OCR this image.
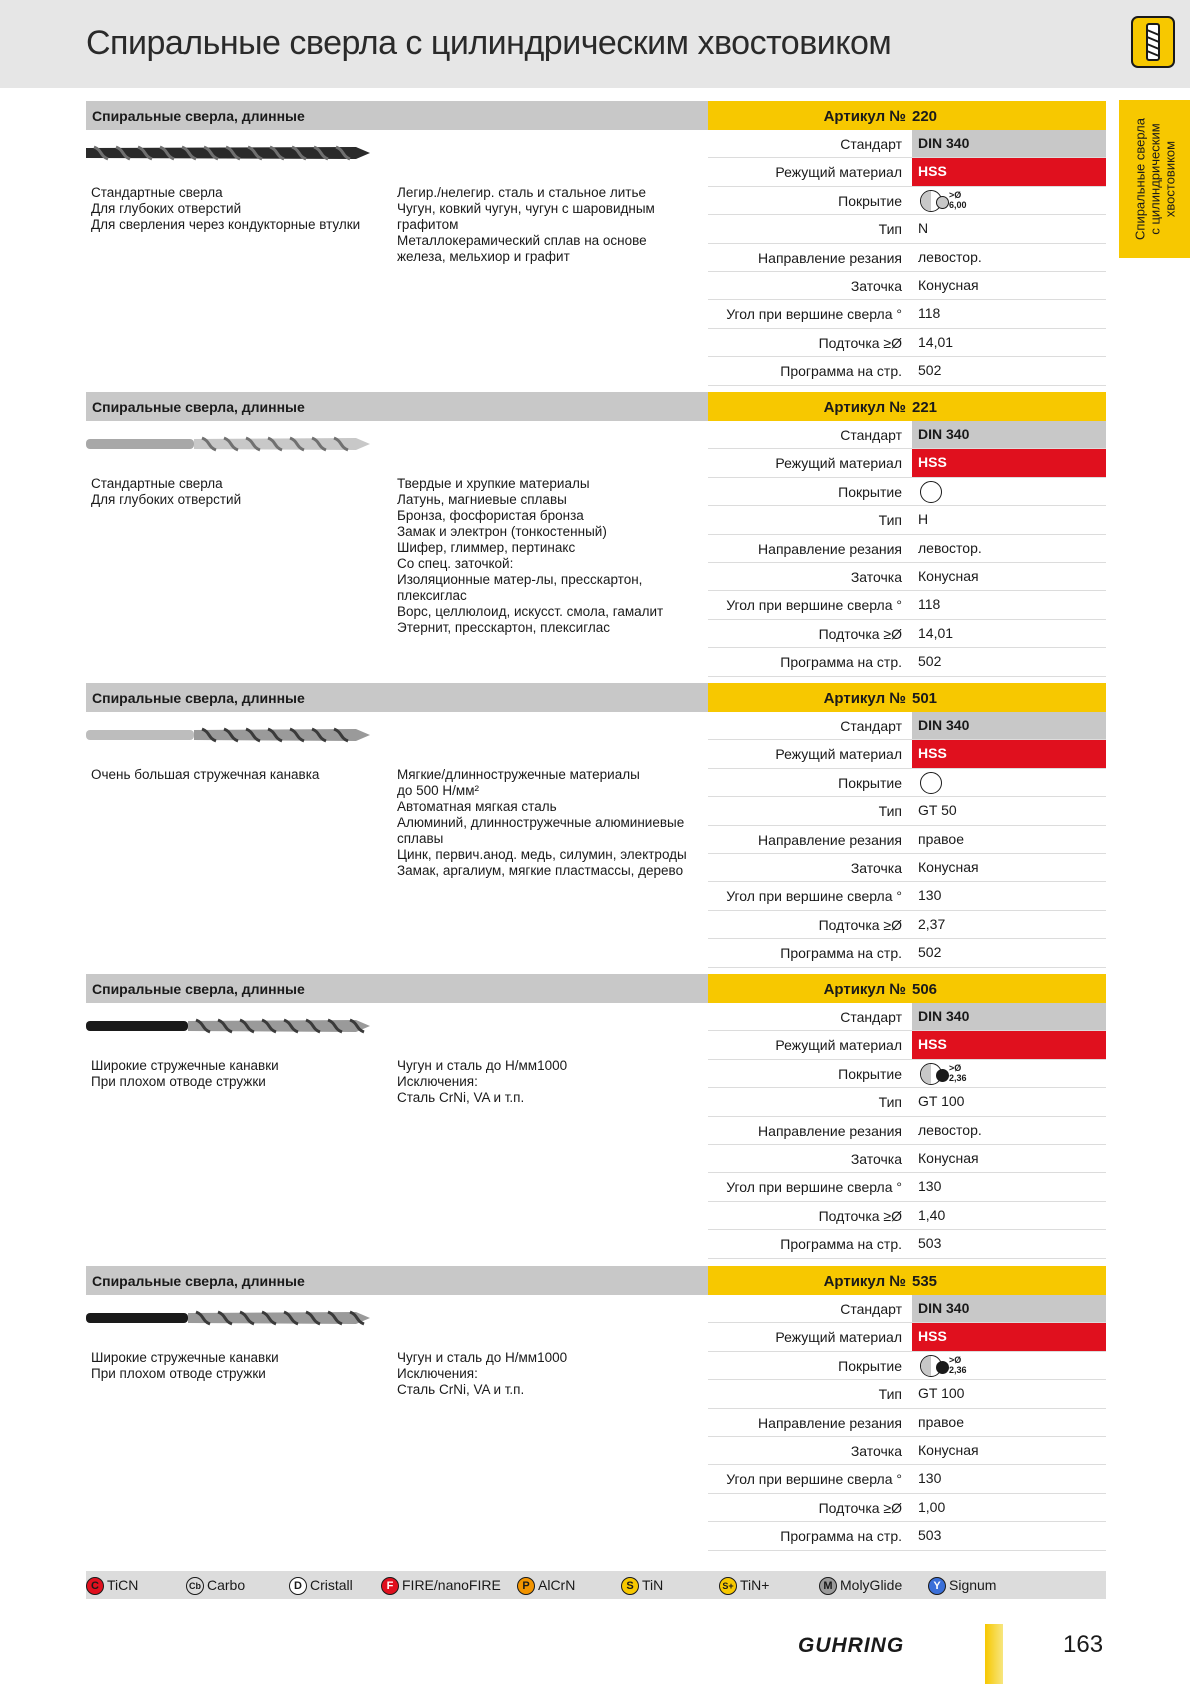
Спиральные сверла с цилиндрическим хвостовиком
Спиральные сверла с цилиндрическим хвостовиком
Спиральные сверла, длинные	Артикул № 220
Стандартные сверла
Для глубоких отверстий
Для сверления через кондукторные втулки
Легир./нелегир. сталь и стальное литье
Чугун, ковкий чугун, чугун с шаровидным
графитом
Металлокерамический сплав на основе
железа, мельхиор и графит
Стандарт	DIN 340
Режущий материал	HSS
Покрытие	>Ø
6,00
Тип	N
Направление резания	левостор.
Заточка	Конусная
Угол при вершине сверла °	118
Подточка ≥Ø	14,01
Программа на стр.	502
Спиральные сверла, длинные	Артикул № 221
Стандартные сверла
Для глубоких отверстий
Твердые и хрупкие материалы
Латунь, магниевые сплавы
Бронза, фосфористая бронза
Замак и электрон (тонкостенный)
Шифер, глиммер, пертинакс
Со спец. заточкой:
Изоляционные матер-лы, пресскартон,
плексиглас
Ворс, целлюлоид, искусст. смола, гамалит
Этернит, пресскартон, плексиглас
Стандарт	DIN 340
Режущий материал	HSS
Покрытие
Тип	H
Направление резания	левостор.
Заточка	Конусная
Угол при вершине сверла °	118
Подточка ≥Ø	14,01
Программа на стр.	502
Спиральные сверла, длинные	Артикул № 501
Очень большая стружечная канавка	Мягкие/длинностружечные материалы
до 500 Н/мм²
Автоматная мягкая сталь
Алюминий, длинностружечные алюминиевые
сплавы
Цинк, первич.анод. медь, силумин, электроды
Замак, аргалиум, мягкие пластмассы, дерево
Стандарт	DIN 340
Режущий материал	HSS
Покрытие
Тип	GT 50
Направление резания	правое
Заточка	Конусная
Угол при вершине сверла °	130
Подточка ≥Ø	2,37
Программа на стр.	502
Спиральные сверла, длинные	Артикул № 506
Широкие стружечные канавки
При плохом отводе стружки
Чугун и сталь до Н/мм1000
Исключения:
Сталь CrNi, VA и т.п.
Стандарт	DIN 340
Режущий материал	HSS
Покрытие	>Ø
2,36
Тип	GT 100
Направление резания	левостор.
Заточка	Конусная
Угол при вершине сверла °	130
Подточка ≥Ø	1,40
Программа на стр.	503
Спиральные сверла, длинные	Артикул № 535
Широкие стружечные канавки
При плохом отводе стружки
Чугун и сталь до Н/мм1000
Исключения:
Сталь CrNi, VA и т.п.
Стандарт	DIN 340
Режущий материал	HSS
Покрытие	>Ø
2,36
Тип	GT 100
Направление резания	правое
Заточка	Конусная
Угол при вершине сверла °	130
Подточка ≥Ø	1,00
Программа на стр.	503
C TiCN	Cb Carbo	D Cristall	F FIRE/nanoFIRE	P AlCrN	S TiN	S+ TiN+	M MolyGlide	Y Signum
GUHRING	163
